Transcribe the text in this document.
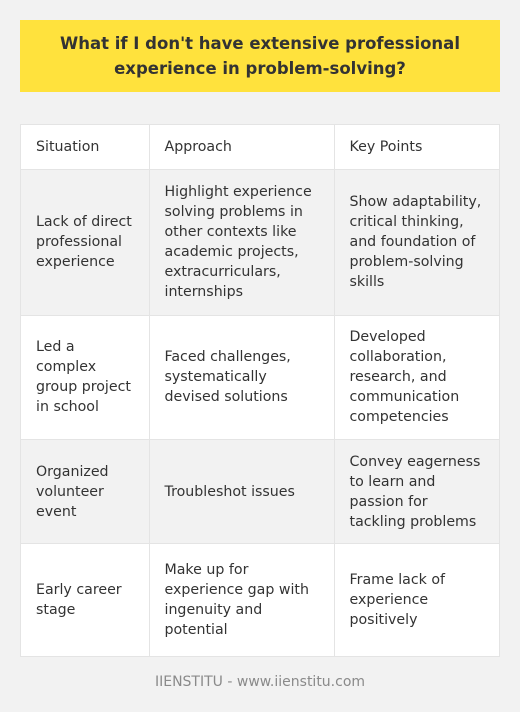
What if I don't have extensive professional experience in problem-solving?
Situation	Approach	Key Points
Lack of direct professional experience	Highlight experience solving problems in other contexts like academic projects, extracurriculars, internships	Show adaptability, critical thinking, and foundation of problem-solving skills
Led a complex group project in school	Faced challenges, systematically devised solutions	Developed collaboration, research, and communication competencies
Organized volunteer event	Troubleshot issues	Convey eagerness to learn and passion for tackling problems
Early career stage	Make up for experience gap with ingenuity and potential	Frame lack of experience positively
IIENSTITU - www.iienstitu.com
